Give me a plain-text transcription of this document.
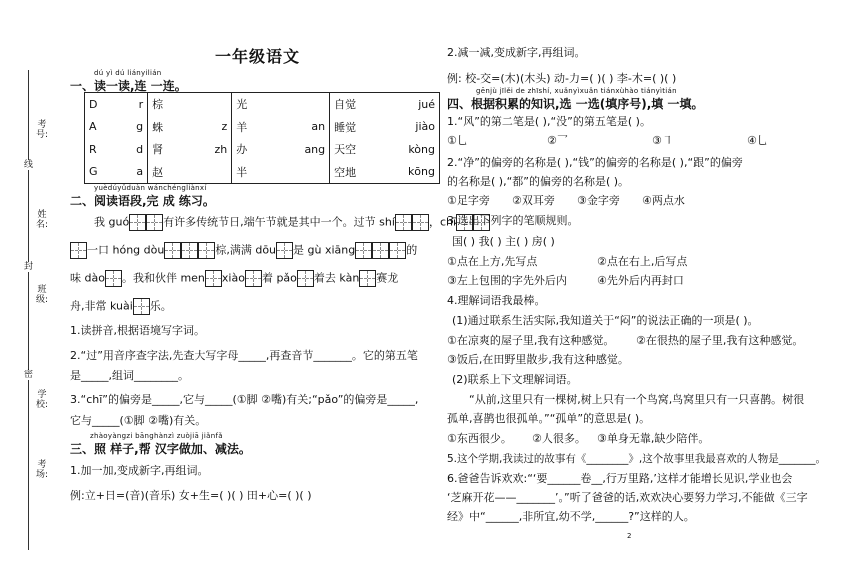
考号:
线
姓名:
封
班级:
密
学校:
考场:
一年级语文
dú yì dú liányilián
一、读一读,连 一连。
D	r	棕		光		自觉	jué
A	g	蛛	z	羊	an	睡觉	jiào
R	d	肾	zh	办	ang	天空	kòng
G	a	赵		半		空地	kōng
yuèdúyǔduàn wánchéngliànxí
二、阅读语段,完 成 练习。
我 guó	有许多传统节日,端午节就是其中一个。过节 shí	，chī
一口 hóng dòu	棕,满满 dōu 是 gù xiāng	的
味 dào 。我和伙伴 men xiào 着 pǎo 着去 kàn 赛龙
舟,非常 kuài 乐。
1.读拼音,根据语境写字词。
2.“过”用音序查字法,先查大写字母_____,再查音节_______。它的第五笔
是_____,组词________。
3.“chī”的偏旁是_____,它与_____(①脚 ②嘴)有关;“pǎo”的偏旁是_____,
它与_____(①脚 ②嘴)有关。
zhàoyàngzi bānghànzì zuòjiā jiǎnfǎ
三、照 样子,帮 汉字做加、减法。
1.加一加,变成新字,再组词。
例:立+日=(音)(音乐) 女+生=( )( ) 田+心=( )( )
2.减一减,变成新字,再组词。
例: 校-交=(木)(木头) 动-力=( )( ) 李-木=( )( )
gēnjù jīlěi de zhīshí, xuǎnyìxuǎn tiánxùhào tiányìtián
四、根据积累的知识,选 一选(填序号),填 一填。
1.“风”的第二笔是( ),“没”的第五笔是( )。
①乚	②乛	③㇕	④乚
2.“净”的偏旁的名称是( ),“钱”的偏旁的名称是( ),“跟”的偏旁
的名称是( ),“都”的偏旁的名称是( )。
①足字旁 ②双耳旁 ③金字旁 ④两点水
3.选出下列字的笔顺规则。
国( ) 我( ) 主( ) 房( )
①点在上方,先写点	②点在右上,后写点
③左上包围的字先外后内	④先外后内再封口
4.理解词语我最棒。
(1)通过联系生活实际,我知道关于“闷”的说法正确的一项是( )。
①在凉爽的屋子里,我有这种感觉。 ②在很热的屋子里,我有这种感觉。
③饭后,在田野里散步,我有这种感觉。
(2)联系上下文理解词语。
“从前,这里只有一棵树,树上只有一个鸟窝,鸟窝里只有一只喜鹊。树很
孤单,喜鹊也很孤单。”“孤单”的意思是( )。
①东西很少。 ②人很多。 ③单身无靠,缺少陪伴。
5.这个学期,我读过的故事有《________》,这个故事里我最喜欢的人物是_______。
6.爸爸告诉欢欢:“‘要______卷__,行万里路,’这样才能增长见识,学业也会
‘芝麻开花——_______’。”听了爸爸的话,欢欢决心要努力学习,不能做《三字
经》中“______,非所宜,幼不学,______?”这样的人。
2
